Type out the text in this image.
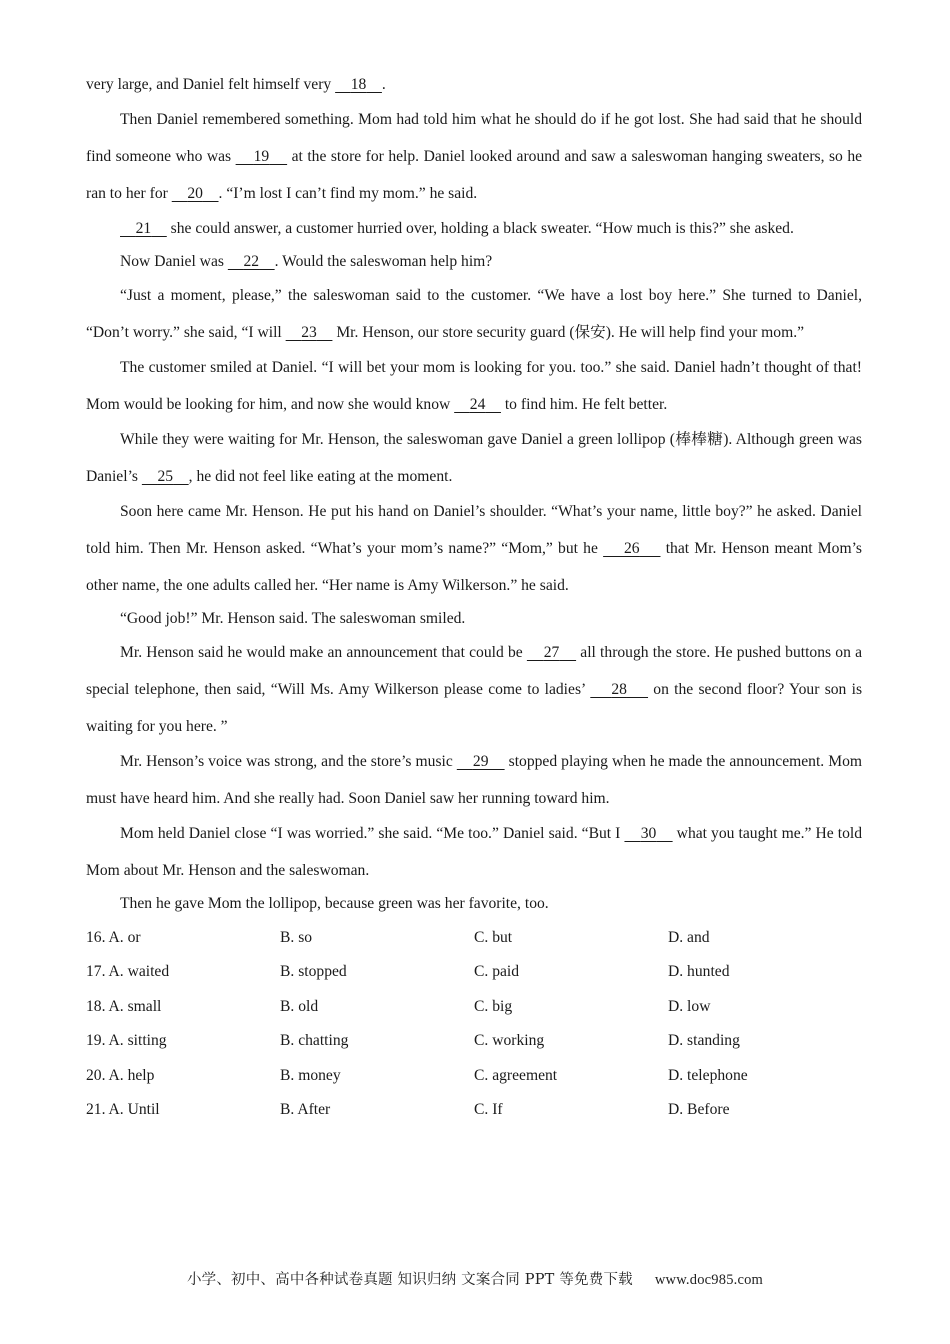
very large, and Daniel felt himself very     18 .

Then Daniel remembered something. Mom had told him what he should do if he got lost. She had said that he should find someone who was     19     at the store for help. Daniel looked around and saw a saleswoman hanging sweaters, so he ran to her for     20 . “I’m lost I can’t find my mom.” he said.

21     she could answer, a customer hurried over, holding a black sweater. “How much is this?” she asked.

Now Daniel was     22 . Would the saleswoman help him?

“Just a moment, please,” the saleswoman said to the customer. “We have a lost boy here.” She turned to Daniel, “Don’t worry.” she said, “I will     23     Mr. Henson, our store security guard (保安). He will help find your mom.”

The customer smiled at Daniel. “I will bet your mom is looking for you. too.” she said. Daniel hadn’t thought of that! Mom would be looking for him, and now she would know     24     to find him. He felt better.

While they were waiting for Mr. Henson, the saleswoman gave Daniel a green lollipop (棒棒糖). Although green was Daniel’s     25 , he did not feel like eating at the moment.

Soon here came Mr. Henson. He put his hand on Daniel’s shoulder. “What’s your name, little boy?” he asked. Daniel told him. Then Mr. Henson asked. “What’s your mom’s name?” “Mom,” but he     26     that Mr. Henson meant Mom’s other name, the one adults called her. “Her name is Amy Wilkerson.” he said.

“Good job!” Mr. Henson said. The saleswoman smiled.

Mr. Henson said he would make an announcement that could be     27     all through the store. He pushed buttons on a special telephone, then said, “Will Ms. Amy Wilkerson please come to ladies’     28     on the second floor? Your son is waiting for you here. ”

Mr. Henson’s voice was strong, and the store’s music     29     stopped playing when he made the announcement. Mom must have heard him. And she really had. Soon Daniel saw her running toward him.

Mom held Daniel close “I was worried.” she said. “Me too.” Daniel said. “But I     30     what you taught me.” He told Mom about Mr. Henson and the saleswoman.

Then he gave Mom the lollipop, because green was her favorite, too.

16. A. or	B. so	C. but	D. and
17. A. waited	B. stopped	C. paid	D. hunted
18. A. small	B. old	C. big	D. low
19. A. sitting	B. chatting	C. working	D. standing
20. A. help	B. money	C. agreement	D. telephone
21. A. Until	B. After	C. If	D. Before
小学、初中、高中各种试卷真题 知识归纳 文案合同 PPT 等免费下载 www.doc985.com
